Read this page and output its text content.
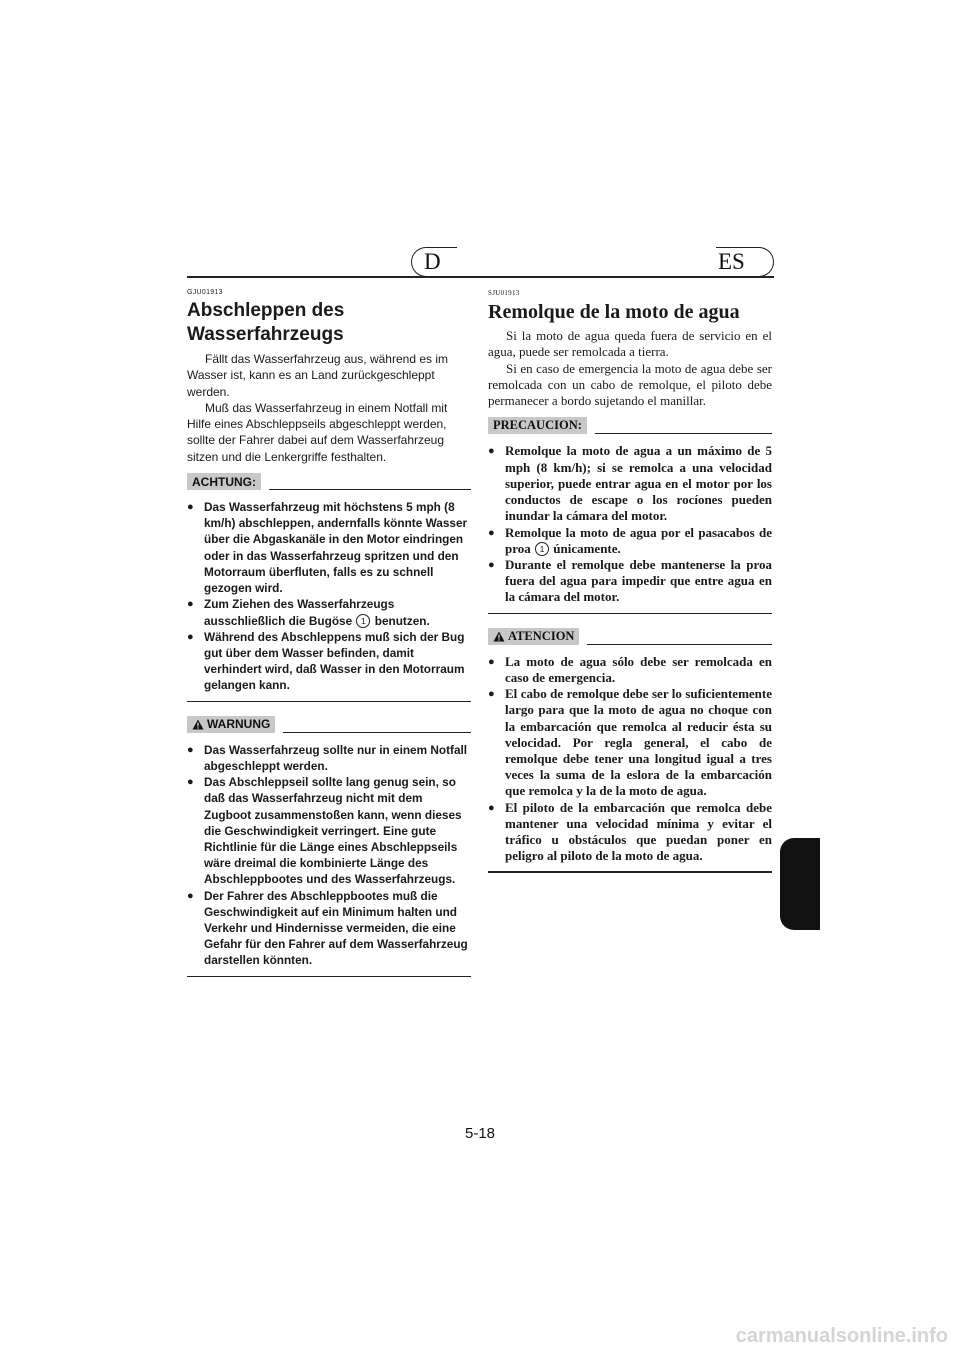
D	ES

GJU01913

Abschleppen des
Wasserfahrzeugs

Fällt das Wasserfahrzeug aus, während es im Wasser ist, kann es an Land zurückgeschleppt werden.

Muß das Wasserfahrzeug in einem Notfall mit Hilfe eines Abschleppseils abgeschleppt werden, sollte der Fahrer dabei auf dem Wasserfahrzeug sitzen und die Lenkergriffe festhalten.

ACHTUNG:
● Das Wasserfahrzeug mit höchstens 5 mph (8 km/h) abschleppen, andernfalls könnte Wasser über die Abgaskanäle in den Motor eindringen oder in das Wasserfahrzeug spritzen und den Motorraum überfluten, falls es zu schnell gezogen wird.
● Zum Ziehen des Wasserfahrzeugs ausschließlich die Bugöse 1 benutzen.
● Während des Abschleppens muß sich der Bug gut über dem Wasser befinden, damit verhindert wird, daß Wasser in den Motorraum gelangen kann.
WARNUNG
● Das Wasserfahrzeug sollte nur in einem Notfall abgeschleppt werden.
● Das Abschleppseil sollte lang genug sein, so daß das Wasserfahrzeug nicht mit dem Zugboot zusammenstoßen kann, wenn dieses die Geschwindigkeit verringert. Eine gute Richtlinie für die Länge eines Abschleppseils wäre dreimal die kombinierte Länge des Abschleppbootes und des Wasserfahrzeugs.
● Der Fahrer des Abschleppbootes muß die Geschwindigkeit auf ein Minimum halten und Verkehr und Hindernisse vermeiden, die eine Gefahr für den Fahrer auf dem Wasserfahrzeug darstellen könnten.

SJU01913

Remolque de la moto de agua

Si la moto de agua queda fuera de servicio en el agua, puede ser remolcada a tierra.

Si en caso de emergencia la moto de agua debe ser remolcada con un cabo de remolque, el piloto debe permanecer a bordo sujetando el manillar.

PRECAUCION:
● Remolque la moto de agua a un máximo de 5 mph (8 km/h); si se remolca a una velocidad superior, puede entrar agua en el motor por los conductos de escape o los rocíones pueden inundar la cámara del motor.
● Remolque la moto de agua por el pasacabos de proa 1 únicamente.
● Durante el remolque debe mantenerse la proa fuera del agua para impedir que entre agua en la cámara del motor.
ATENCION
● La moto de agua sólo debe ser remolcada en caso de emergencia.
● El cabo de remolque debe ser lo suficientemente largo para que la moto de agua no choque con la embarcación que remolca al reducir ésta su velocidad. Por regla general, el cabo de remolque debe tener una longitud igual a tres veces la suma de la eslora de la embarcación que remolca y la de la moto de agua.
● El piloto de la embarcación que remolca debe mantener una velocidad mínima y evitar el tráfico u obstáculos que puedan poner en peligro al piloto de la moto de agua.
5-18
carmanualsonline.info
